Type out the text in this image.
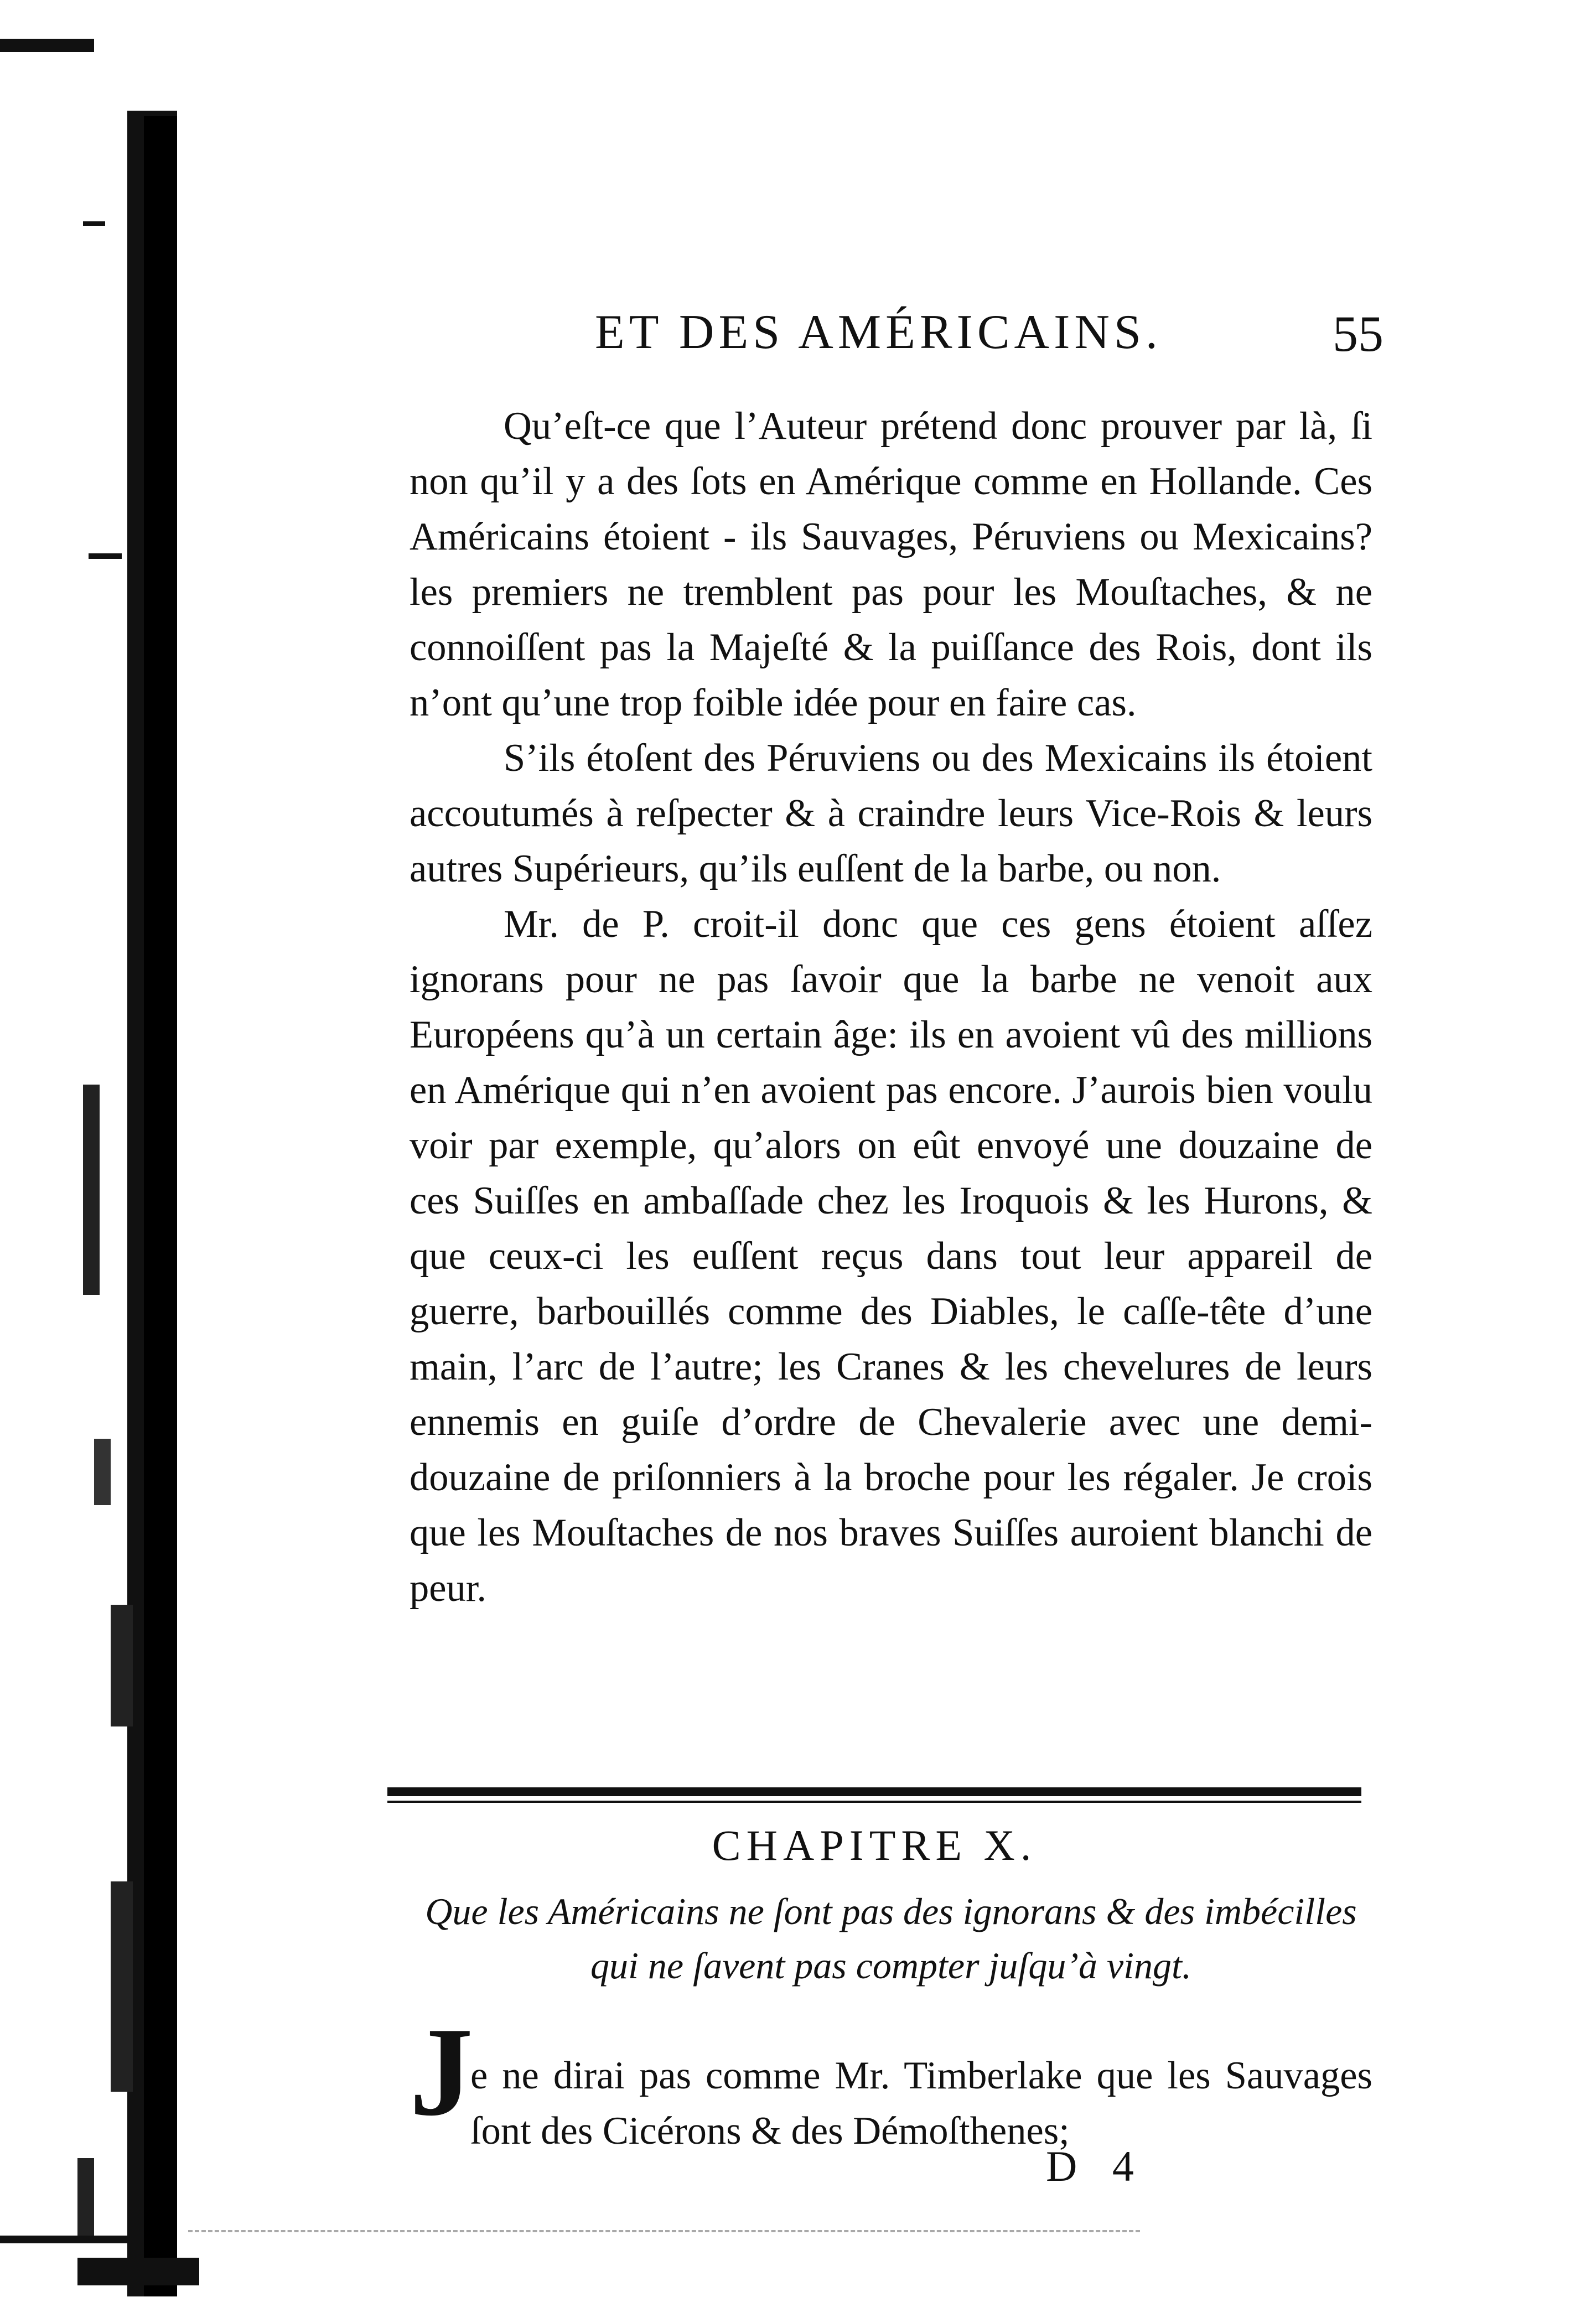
ET DES AMÉRICAINS.	55

Qu’eſt-ce que l’Auteur prétend donc prouver par là, ſi non qu’il y a des ſots en Amérique comme en Hollande. Ces Américains étoient - ils Sauvages, Péruviens ou Mexicains? les premiers ne tremblent pas pour les Mouſtaches, & ne connoiſſent pas la Majeſté & la puiſſance des Rois, dont ils n’ont qu’une trop foible idée pour en faire cas.

S’ils étoſent des Péruviens ou des Mexicains ils étoient accoutumés à reſpecter & à craindre leurs Vice-Rois & leurs autres Supérieurs, qu’ils euſſent de la barbe, ou non.

Mr. de P. croit-il donc que ces gens étoient aſſez ignorans pour ne pas ſavoir que la barbe ne venoit aux Européens qu’à un certain âge: ils en avoient vû des millions en Amérique qui n’en avoient pas encore. J’aurois bien voulu voir par exemple, qu’alors on eût envoyé une douzaine de ces Suiſſes en ambaſſade chez les Iroquois & les Hurons, & que ceux-ci les euſſent reçus dans tout leur appareil de guerre, barbouillés comme des Diables, le caſſe-tête d’une main, l’arc de l’autre; les Cranes & les chevelures de leurs ennemis en guiſe d’ordre de Chevalerie avec une demi-douzaine de priſonniers à la broche pour les régaler. Je crois que les Mouſtaches de nos braves Suiſſes auroient blanchi de peur.

CHAPITRE X.
Que les Américains ne ſont pas des ignorans & des imbécilles qui ne ſavent pas compter juſqu’à vingt.
J

e ne dirai pas comme Mr. Timberlake que les Sauvages ſont des Cicérons & des Démoſthenes;

D 4
